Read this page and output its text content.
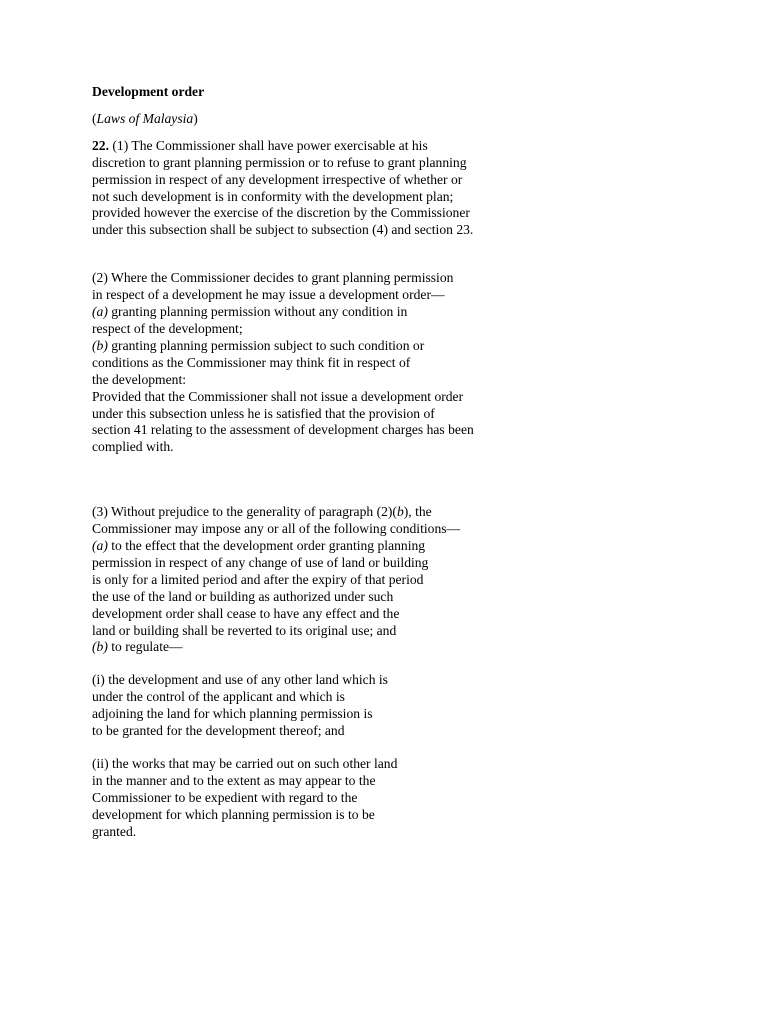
Development order
(Laws of Malaysia)
22. (1) The Commissioner shall have power exercisable at his
discretion to grant planning permission or to refuse to grant planning
permission in respect of any development irrespective of whether or
not such development is in conformity with the development plan;
provided however the exercise of the discretion by the Commissioner
under this subsection shall be subject to subsection (4) and section 23.
(2) Where the Commissioner decides to grant planning permission
in respect of a development he may issue a development order—
(a) granting planning permission without any condition in
respect of the development;
(b) granting planning permission subject to such condition or
conditions as the Commissioner may think fit in respect of
the development:
Provided that the Commissioner shall not issue a development order
under this subsection unless he is satisfied that the provision of
section 41 relating to the assessment of development charges has been
complied with.
(3) Without prejudice to the generality of paragraph (2)(b), the
Commissioner may impose any or all of the following conditions—
(a) to the effect that the development order granting planning
permission in respect of any change of use of land or building
is only for a limited period and after the expiry of that period
the use of the land or building as authorized under such
development order shall cease to have any effect and the
land or building shall be reverted to its original use; and
(b) to regulate—
(i) the development and use of any other land which is
under the control of the applicant and which is
adjoining the land for which planning permission is
to be granted for the development thereof; and
(ii) the works that may be carried out on such other land
in the manner and to the extent as may appear to the
Commissioner to be expedient with regard to the
development for which planning permission is to be
granted.
